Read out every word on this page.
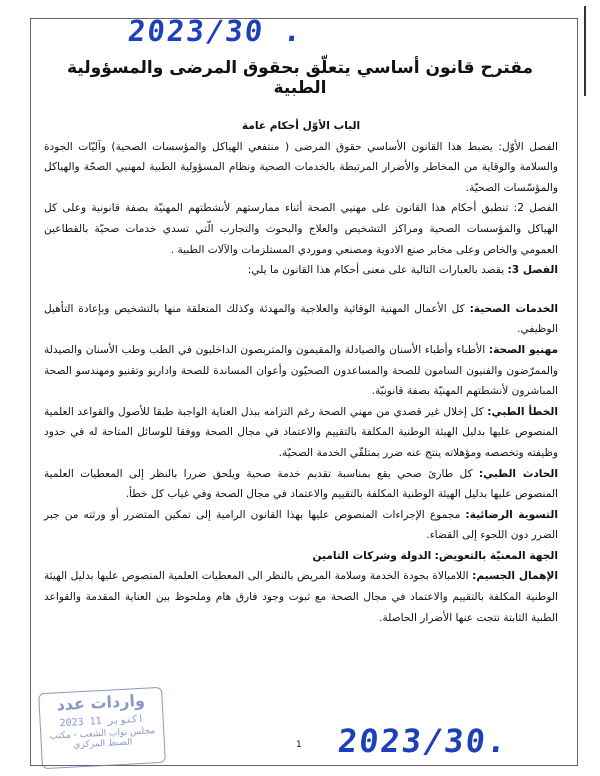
2023/30 .
مقترح قانون أساسي يتعلّق بحقوق المرضى والمسؤولية الطبية

الباب الأوّل أحكام عامة

الفصل الأوّل: يضبط هذا القانون الأساسي حقوق المرضى ( منتفعي الهياكل والمؤسسات الصحية) وآليّات الجودة والسلامة والوقاية من المخاطر والأضرار المرتبطة بالخدمات الصحية ونظام المسؤولية الطبية لمهنيي الصحّة والهياكل والمؤسّسات الصحيّة.

الفصل 2: تنطبق أحكام هذا القانون على مهنيي الصحة أثناء ممارستهم لأنشطتهم المهنيّة بصفة قانونية وعلى كل الهياكل والمؤسسات الصحية ومراكز التشخيص والعلاج والبحوث والتجارب الّتي تسدي خدمات صحيّة بالقطاعين العمومي والخاص وعلى مخابر صنع الادوية ومصنعي وموردي المستلزمات والآلات الطبية .

الفصل 3: يقصد بالعبارات التالية على معنى أحكام هذا القانون ما يلي:

الخدمات الصحية: كل الأعمال المهنية الوقائية والعلاجية والمهدئة وكذلك المتعلقة منها بالتشخيص وبإعادة التأهيل الوظيفي.

مهنيو الصحة: الأطباء وأطباء الأسنان والصيادلة والمقيمون والمتربصون الداخليون في الطب وطب الأسنان والصيدلة والممرّضون والفنيون السامون للصحة والمساعدون الصحيّون وأعوان المساندة للصحة واداريو وتقنيو ومهندسو الصحة المباشرون لأنشطتهم المهنيّة بصفة قانونيّة.

الخطأ الطبي: كل إخلال غير قصدي من مهني الصحة رغم التزامه ببذل العناية الواجبة طبقا للأصول والقواعد العلمية المنصوص عليها بدليل الهيئة الوطنية المكلفة بالتقييم والاعتماد في مجال الصحة ووفقا للوسائل المتاحة له في حدود وظيفته وتخصصه ومؤهلاته ينتج عنه ضرر بمتلقّي الخدمة الصحيّة.

الحادث الطبي: كل طارئ صحي يقع بمناسبة تقديم خدمة صحية ويلحق ضررا بالنظر إلى المعطيات العلمية المنصوص عليها بدليل الهيئة الوطنية المكلفة بالتقييم والاعتماد في مجال الصحة وفي غياب كل خطأ.

التسوية الرضائية: مجموع الإجراءات المنصوص عليها بهذا القانون الرامية إلى تمكين المتضرر أو ورثته من جبر الضرر دون اللجوء إلى القضاء.

الجهة المعنيّة بالتعويض: الدولة وشركات التامين

الإهمال الجسيم: اللامبالاة بجودة الخدمة وسلامة المريض بالنظر الى المعطيات العلمية المنصوص عليها بدليل الهيئة الوطنية المكلفة بالتقييم والاعتماد في مجال الصحة مع ثبوت وجود فارق هام وملحوظ بين العناية المقدمة والقواعد الطبية الثابتة نتجت عنها الأضرار الحاصلة.

واردات عدد
2023 11 اكتوبر
مجلس نواب الشعب - مكتب الضبط المركزي	1 2023/30.
